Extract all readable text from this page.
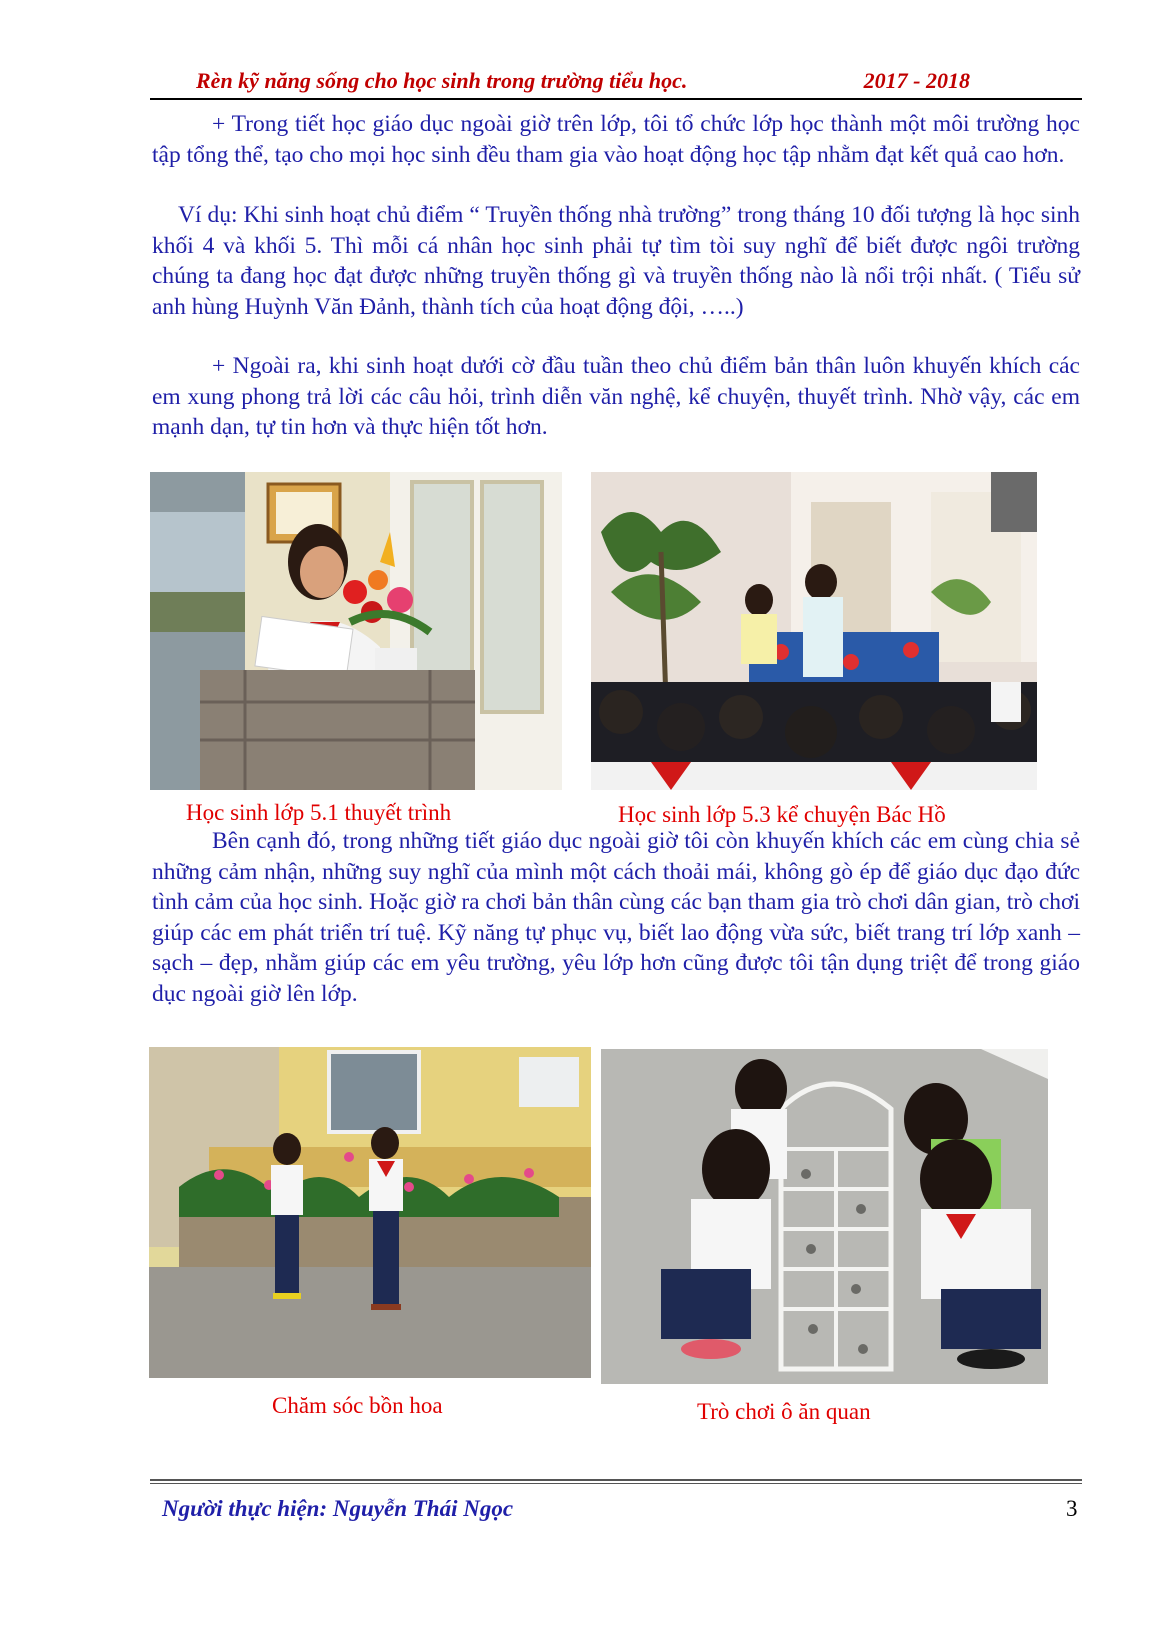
Rèn kỹ năng sống cho học sinh trong trường tiểu học.	2017 - 2018

+ Trong tiết học giáo dục ngoài giờ trên lớp, tôi tổ chức lớp học thành một môi trường học tập tổng thể, tạo cho mọi học sinh đều tham gia vào hoạt động học tập nhằm đạt kết quả cao hơn.

Ví dụ: Khi sinh hoạt chủ điểm “ Truyền thống nhà trường” trong tháng 10 đối tượng là học sinh khối 4 và khối 5. Thì mỗi cá nhân học sinh phải tự tìm tòi suy nghĩ để biết được ngôi trường chúng ta đang học đạt được những truyền thống gì và truyền thống nào là nổi trội nhất. ( Tiểu sử anh hùng Huỳnh Văn Đảnh, thành tích của hoạt động đội, …..)

+ Ngoài ra, khi sinh hoạt dưới cờ đầu tuần theo chủ điểm bản thân luôn khuyến khích các em xung phong trả lời các câu hỏi, trình diễn văn nghệ, kể chuyện, thuyết trình. Nhờ vậy, các em mạnh dạn, tự tin hơn và thực hiện tốt hơn.

Học sinh lớp 5.1 thuyết trình	Học sinh lớp 5.3 kể chuyện Bác Hồ

Bên cạnh đó, trong những tiết giáo dục ngoài giờ tôi còn khuyến khích các em cùng chia sẻ những cảm nhận, những suy nghĩ của mình một cách thoải mái, không gò ép để giáo dục đạo đức tình cảm của học sinh. Hoặc giờ ra chơi bản thân cùng các bạn tham gia trò chơi dân gian, trò chơi giúp các em phát triển trí tuệ. Kỹ năng tự phục vụ, biết lao động vừa sức, biết trang trí lớp xanh – sạch – đẹp, nhằm giúp các em yêu trường, yêu lớp hơn cũng được tôi tận dụng triệt để trong giáo dục ngoài giờ lên lớp.

Chăm sóc bồn hoa	Trò chơi ô ăn quan
Người thực hiện: Nguyễn Thái Ngọc	3
